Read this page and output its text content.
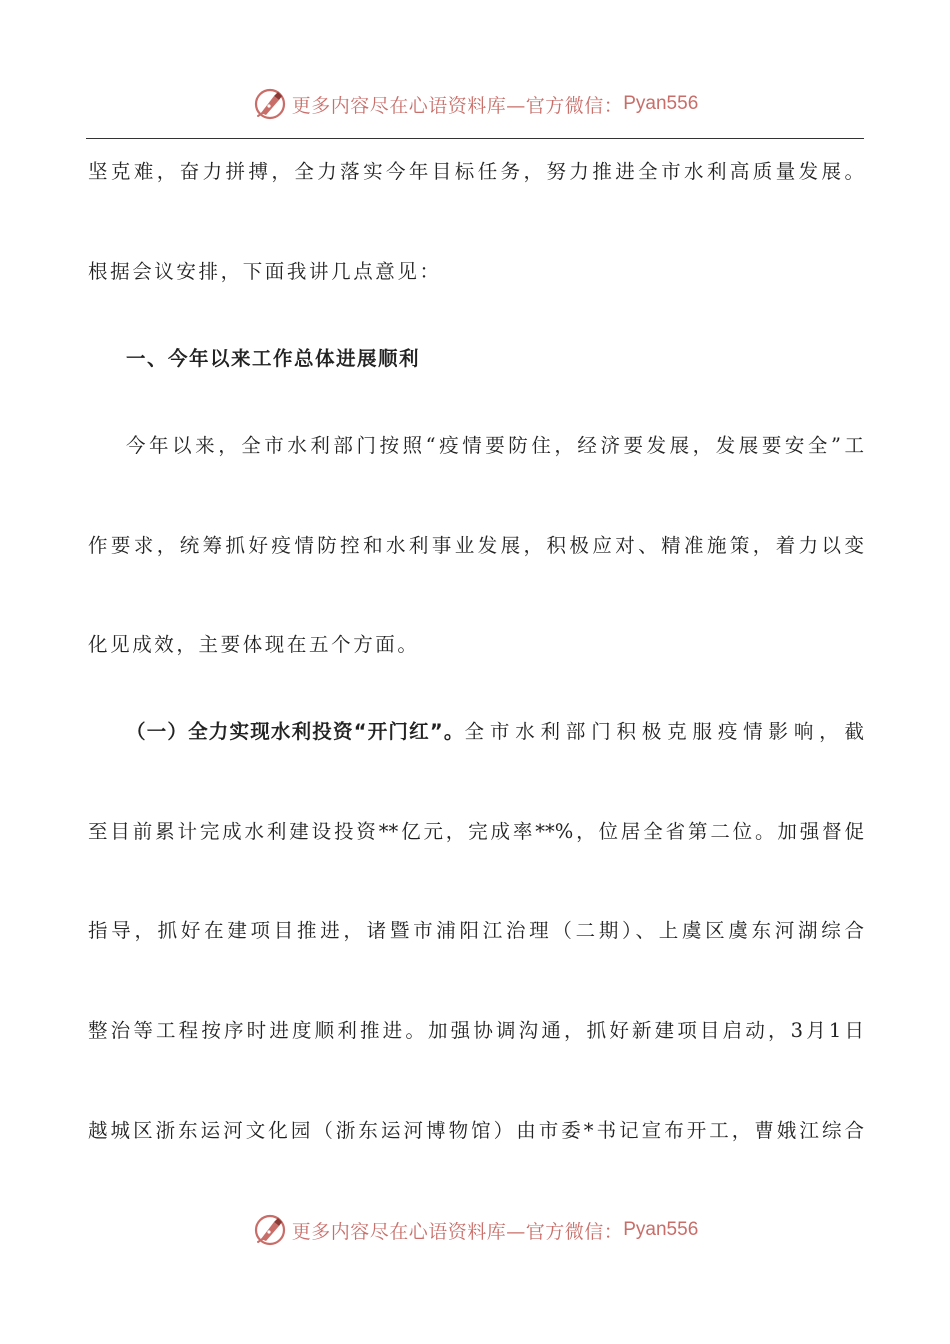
更多内容尽在心语资料库—官方微信： Pyan556
坚克难，奋力拼搏，全力落实今年目标任务，努力推进全市水利高质量发展。
根据会议安排，下面我讲几点意见：
一、今年以来工作总体进展顺利
今年以来，全市水利部门按照“疫情要防住，经济要发展，发展要安全”工
作要求，统筹抓好疫情防控和水利事业发展，积极应对、精准施策，着力以变
化见成效，主要体现在五个方面。
（一）全力实现水利投资“开门红”。 全市水利部门积极克服疫情影响，截
至目前累计完成水利建设投资**亿元，完成率**%，位居全省第二位。加强督促
指导，抓好在建项目推进，诸暨市浦阳江治理（二期）、上虞区虞东河湖综合
整治等工程按序时进度顺利推进。加强协调沟通，抓好新建项目启动，3月1日
越城区浙东运河文化园（浙东运河博物馆）由市委*书记宣布开工，曹娥江综合
更多内容尽在心语资料库—官方微信： Pyan556
